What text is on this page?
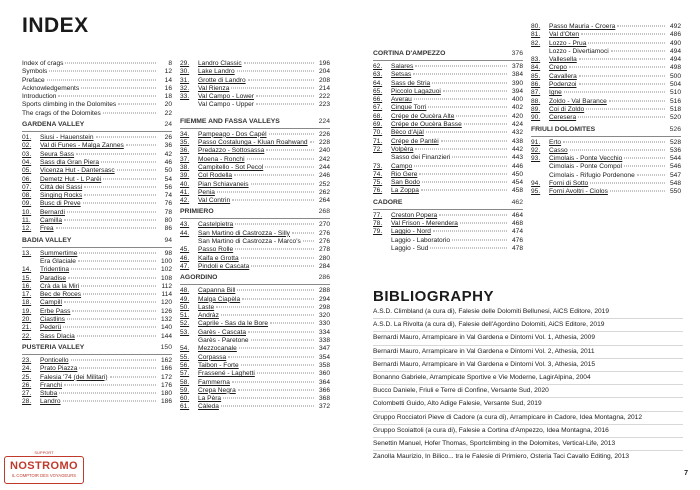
INDEX
Index of crags	8
Symbols	12
Preface	14
Acknowledgements	16
Introduction	18
Sports climbing in the Dolomites	20
The crags of the Dolomites	22
GARDENA VALLEY	24
01.	Siusi - Hauenstein	26
02.	Val di Funes - Malga Zannes	36
03.	Seura Sass	42
04.	Sass dla Gran Piera	46
05.	Vicenza Hut - Dantersasc	50
06.	Demetz Hut - L Parëi	54
07.	Città dei Sassi	56
08.	Singing Rocks	74
09.	Busc di Preve	76
10.	Bernardi	78
11.	Camilla	80
12.	Frea	86
BADIA VALLEY	94
13.	Summertime	98
Era Glaciale	100
14.	Tridentina	102
15.	Paradise	108
16.	Crà da la Miri	112
17.	Bec de Roces	114
18.	Campill	120
19.	Erbe Pass	126
20.	Ciastlins	132
21.	Pederü	140
22.	Sass Dlacia	144
PUSTERIA VALLEY	150
23.	Ponticello	162
24.	Prato Piazza	166
25.	Falesia '74 (dei Militari)	172
26.	Franchi	176
27.	Stuba	180
28.	Landro	186
29.	Landro Classic	196
30.	Lake Landro	204
31.	Grotte di Landro	208
32.	Val Rienza	214
33.	Val Campo - Lower	222
Val Campo - Upper	223
FIEMME AND FASSA VALLEYS	224
34.	Pampeago - Dos Capél	226
35.	Passo Costalunga - Kluan Roahwand	228
36.	Predazzo - Sottosassa	240
37.	Moena - Ronchi	242
38.	Campitello - Sot Pecol	244
39.	Col Rodella	246
40.	Pian Schiavaneis	252
41.	Penia	262
42.	Val Contrin	264
PRIMIERO	268
43.	Castelpietra	270
44.	San Martino di Castrozza - Silly	276
San Martino di Castrozza - Marco's	276
45.	Passo Rolle	278
46.	Kaifa e Grotta	280
47.	Pindoli e Cascata	284
AGORDINO	286
48.	Capanna Bill	288
49.	Malga Ciapèla	294
50.	Laste	298
51.	Andràz	320
52.	Caprile - Sas da le Bore	330
53.	Garès - Cascata	334
Garès - Paretone	338
54.	Mezzocanale	347
55.	Corpassa	354
56.	Taibon - Forte	358
57.	Frassené - Laghetti	360
58.	Fammerna	364
59.	Crepa Negra	366
60.	La Pèra	368
61.	Càleda	372
CORTINA D'AMPEZZO	376
62.	Salares	378
63.	Setsas	384
64.	Sass de Stria	390
65.	Piccolo Lagazuoi	394
66.	Averau	400
67.	Cinque Torri	402
68.	Crépe de Oucèra Alte	420
69.	Crépe de Oucèra Basse	424
70.	Bèco d'Ajàl	432
71.	Crépe de Pantèi	438
72.	Volpèra	442
Sasso dei Finanzieri	443
73.	Campo	446
74.	Rio Gere	450
75.	San Bodo	454
76.	La Zoppa	458
CADORE	462
77.	Creston Popera	464
78.	Val Frison - Merendera	468
79.	Laggio - Nord	474
Laggio - Laboratorio	476
Laggio - Sud	478
80.	Passo Mauria - Croera	492
81.	Val d'Oten	486
82.	Lozzo - Prua	490
Lozzo - Divertiamoci	494
83.	Vallesella	494
84.	Crepo	498
85.	Cavallera	500
86.	Podenzoi	504
87.	Igne	510
88.	Zoldo - Val Barance	516
89.	Coi di Zoldo	518
90.	Ceresera	520
FRIULI DOLOMITES	526
91.	Erto	528
92.	Casso	536
93.	Cimolais - Ponte Vecchio	544
Cimolais - Ponte Compol	546
Cimolais - Rifugio Pordenone	547
94.	Forni di Sotto	548
95.	Forni Avoltri - Ciolos	550
BIBLIOGRAPHY
A.S.D. Climbland (a cura di), Falesie delle Dolomiti Bellunesi, AiCS Editore, 2019
A.S.D. La Rivolta (a cura di), Falesie dell'Agordino Dolomiti, AiCS Editore, 2019
Bernardi Mauro, Arrampicare in Val Gardena e Dintorni Vol. 1, Athesia, 2009
Bernardi Mauro, Arrampicare in Val Gardena e Dintorni Vol. 2, Athesia, 2011
Bernardi Mauro, Arrampicare in Val Gardena e Dintorni Vol. 3, Athesia, 2015
Bonanno Gabriele, Arrampicate Sportive e Vie Moderne, LagirAlpina, 2004
Bucco Daniele, Friuli e Terre di Confine, Versante Sud, 2020
Colombetti Guido, Alto Adige Falesie, Versante Sud, 2019
Gruppo Rocciatori Pieve di Cadore (a cura di), Arrampicare in Cadore, Idea Montagna, 2012
Gruppo Scoiattoli (a cura di), Falesie a Cortina d'Ampezzo, Idea Montagna, 2016
Senettin Manuel, Hofer Thomas, Sportclimbing in the Dolomites, Vertical-Life, 2013
Zanolla Maurizio, In Bilico... tra le Falesie di Primiero, Osteria Taci Cavallo Editing, 2013
7
SUPPORT
NOSTROMO
IL COMPTOIR DES VOYAGEURS
